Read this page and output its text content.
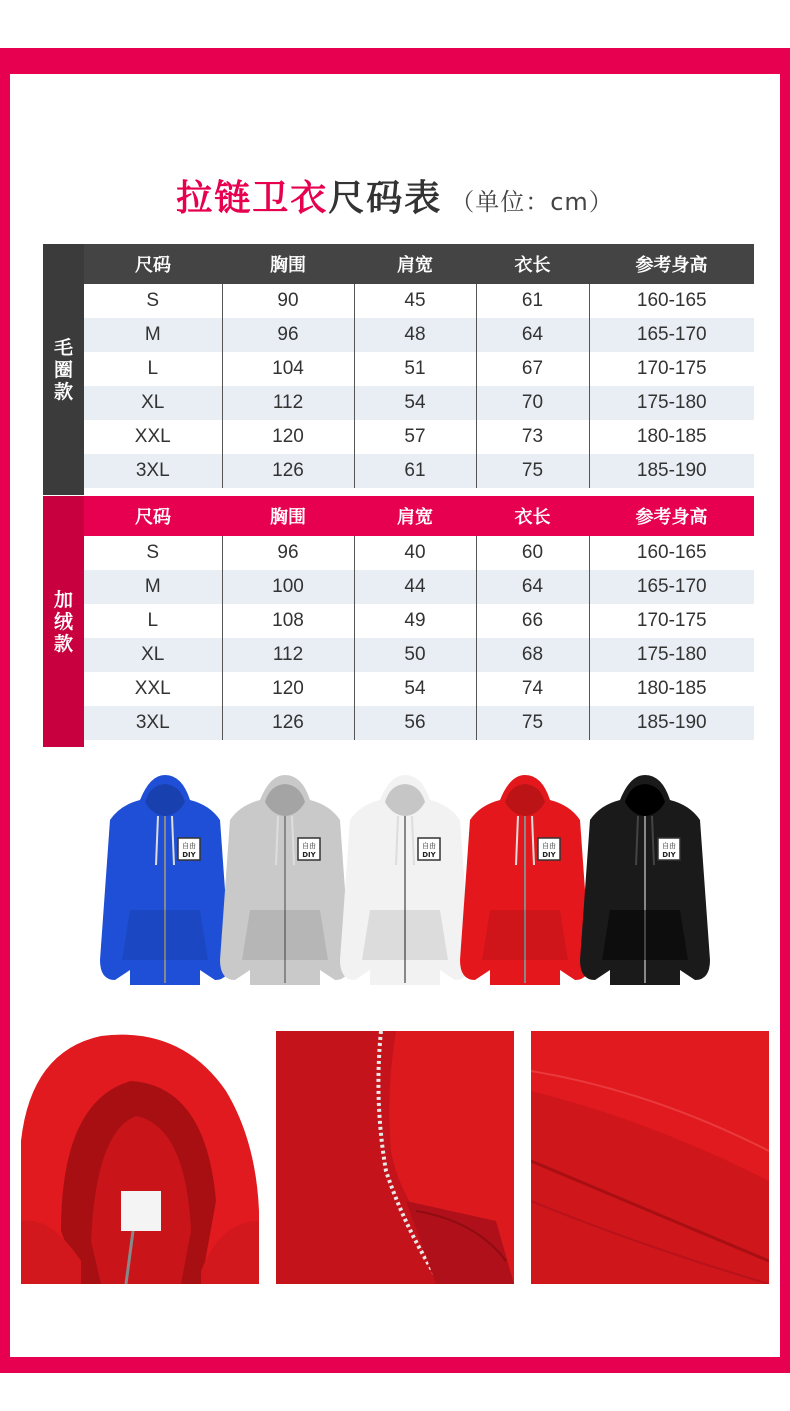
拉链卫衣尺码表 （单位：cm）
毛
圈
款
尺码	胸围	肩宽	衣长	参考身高
S	90	45	61	160-165
M	96	48	64	165-170
L	104	51	67	170-175
XL	112	54	70	175-180
XXL	120	57	73	180-185
3XL	126	61	75	185-190
加
绒
款
尺码	胸围	肩宽	衣长	参考身高
S	96	40	60	160-165
M	100	44	64	165-170
L	108	49	66	170-175
XL	112	50	68	175-180
XXL	120	54	74	180-185
3XL	126	56	75	185-190
自由
DIY
自由
DIY
自由
DIY
自由
DIY
自由
DIY
